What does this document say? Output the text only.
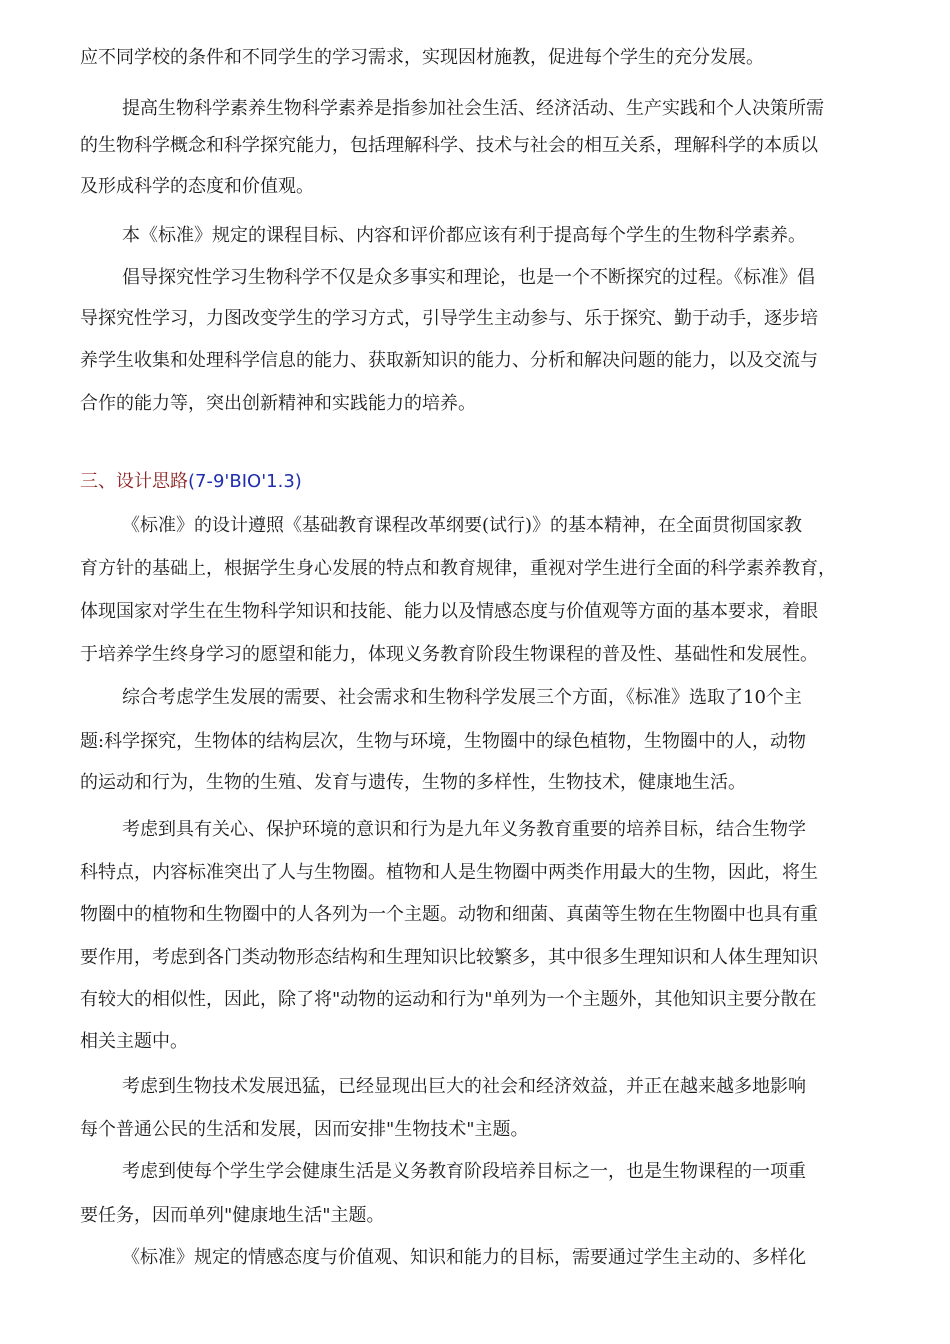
应不同学校的条件和不同学生的学习需求，实现因材施教，促进每个学生的充分发展。
提高生物科学素养生物科学素养是指参加社会生活、经济活动、生产实践和个人决策所需
的生物科学概念和科学探究能力，包括理解科学、技术与社会的相互关系，理解科学的本质以
及形成科学的态度和价值观。
本《标准》规定的课程目标、内容和评价都应该有利于提高每个学生的生物科学素养。
倡导探究性学习生物科学不仅是众多事实和理论，也是一个不断探究的过程。《标准》倡
导探究性学习，力图改变学生的学习方式，引导学生主动参与、乐于探究、勤于动手，逐步培
养学生收集和处理科学信息的能力、获取新知识的能力、分析和解决问题的能力，以及交流与
合作的能力等，突出创新精神和实践能力的培养。
三、设计思路(7-9'BIO'1.3)
《标准》的设计遵照《基础教育课程改革纲要(试行)》的基本精神，在全面贯彻国家教
育方针的基础上，根据学生身心发展的特点和教育规律，重视对学生进行全面的科学素养教育，
体现国家对学生在生物科学知识和技能、能力以及情感态度与价值观等方面的基本要求，着眼
于培养学生终身学习的愿望和能力，体现义务教育阶段生物课程的普及性、基础性和发展性。
综合考虑学生发展的需要、社会需求和生物科学发展三个方面，《标准》选取了10个主
题:科学探究，生物体的结构层次，生物与环境，生物圈中的绿色植物，生物圈中的人，动物
的运动和行为，生物的生殖、发育与遗传，生物的多样性，生物技术，健康地生活。
考虑到具有关心、保护环境的意识和行为是九年义务教育重要的培养目标，结合生物学
科特点，内容标准突出了人与生物圈。植物和人是生物圈中两类作用最大的生物，因此，将生
物圈中的植物和生物圈中的人各列为一个主题。动物和细菌、真菌等生物在生物圈中也具有重
要作用，考虑到各门类动物形态结构和生理知识比较繁多，其中很多生理知识和人体生理知识
有较大的相似性，因此，除了将"动物的运动和行为"单列为一个主题外，其他知识主要分散在
相关主题中。
考虑到生物技术发展迅猛，已经显现出巨大的社会和经济效益，并正在越来越多地影响
每个普通公民的生活和发展，因而安排"生物技术"主题。
考虑到使每个学生学会健康生活是义务教育阶段培养目标之一，也是生物课程的一项重
要任务，因而单列"健康地生活"主题。
《标准》规定的情感态度与价值观、知识和能力的目标，需要通过学生主动的、多样化
